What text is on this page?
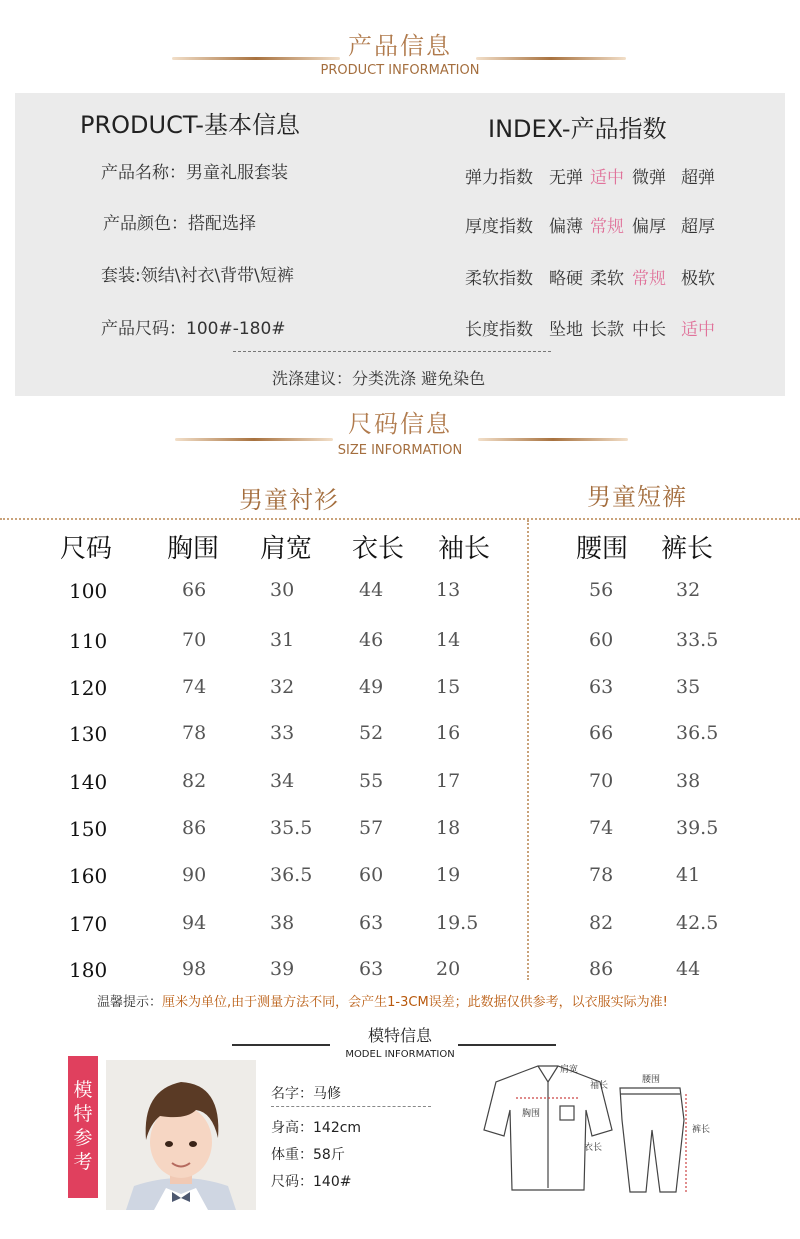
产品信息
PRODUCT INFORMATION
PRODUCT-基本信息
产品名称：男童礼服套装
产品颜色：搭配选择
套装:领结\衬衣\背带\短裤
产品尺码：100#-180#
INDEX-产品指数
弹力指数 无弹 适中 微弹 超弹
厚度指数 偏薄 常规 偏厚 超厚
柔软指数 略硬 柔软 常规 极软
长度指数 坠地 长款 中长 适中
洗涤建议：分类洗涤 避免染色
尺码信息
SIZE INFORMATION
男童衬衫	男童短裤
尺码 胸围 肩宽 衣长 袖长	腰围 裤长
100	66	30	44	13	56	32
110	70	31	46	14	60	33.5
120	74	32	49	15	63	35
130	78	33	52	16	66	36.5
140	82	34	55	17	70	38
150	86	35.5 57	18	74	39.5
160	90	36.5 60	19	78	41
170	94	38	63	19.5	82	42.5
180	98	39	63	20	86	44
温馨提示：厘米为单位,由于测量方法不同，会产生1-3CM误差；此数据仅供参考，以衣服实际为准!
模特信息
MODEL INFORMATION
模
特
参
考
名字：马修
身高：142cm
体重：58斤
尺码：140#
肩宽
袖长
胸围
衣长
腰围
裤长
